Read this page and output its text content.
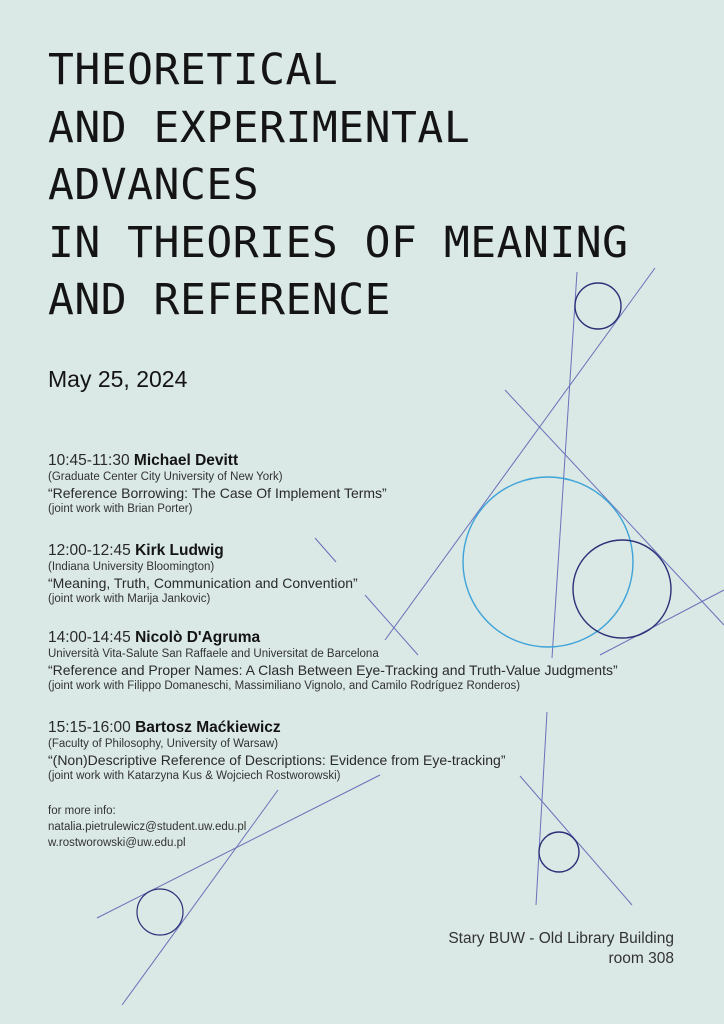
THEORETICAL
AND EXPERIMENTAL
ADVANCES
IN THEORIES OF MEANING
AND REFERENCE
May 25, 2024
10:45-11:30 Michael Devitt
(Graduate Center City University of New York)
“Reference Borrowing: The Case Of Implement Terms”
(joint work with Brian Porter)
12:00-12:45 Kirk Ludwig
(Indiana University Bloomington)
“Meaning, Truth, Communication and Convention”
(joint work with Marija Jankovic)
14:00-14:45 Nicolò D'Agruma
Università Vita-Salute San Raffaele and Universitat de Barcelona
“Reference and Proper Names: A Clash Between Eye-Tracking and Truth-Value Judgments”
(joint work with Filippo Domaneschi, Massimiliano Vignolo, and Camilo Rodríguez Ronderos)
15:15-16:00 Bartosz Maćkiewicz
(Faculty of Philosophy, University of Warsaw)
“(Non)Descriptive Reference of Descriptions: Evidence from Eye-tracking”
(joint work with Katarzyna Kus & Wojciech Rostworowski)
for more info:
natalia.pietrulewicz@student.uw.edu.pl
w.rostworowski@uw.edu.pl
Stary BUW - Old Library Building
room 308
